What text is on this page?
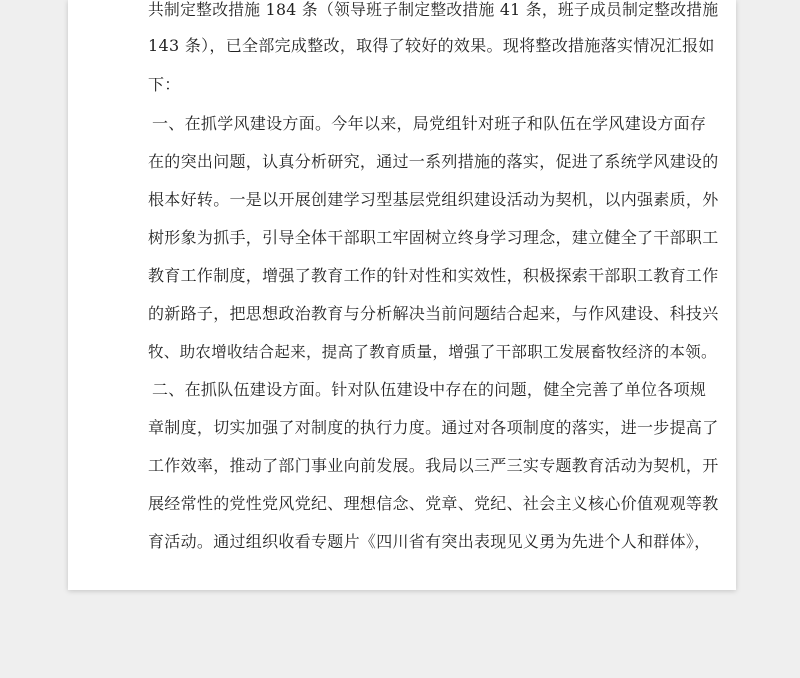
共制定整改措施 184 条（领导班子制定整改措施 41 条，班子成员制定整改措施
143 条），已全部完成整改，取得了较好的效果。现将整改措施落实情况汇报如
下：
一、在抓学风建设方面。今年以来，局党组针对班子和队伍在学风建设方面存
在的突出问题，认真分析研究，通过一系列措施的落实，促进了系统学风建设的
根本好转。一是以开展创建学习型基层党组织建设活动为契机，以内强素质，外
树形象为抓手，引导全体干部职工牢固树立终身学习理念，建立健全了干部职工
教育工作制度，增强了教育工作的针对性和实效性，积极探索干部职工教育工作
的新路子，把思想政治教育与分析解决当前问题结合起来，与作风建设、科技兴
牧、助农增收结合起来，提高了教育质量，增强了干部职工发展畜牧经济的本领。
二、在抓队伍建设方面。针对队伍建设中存在的问题，健全完善了单位各项规
章制度，切实加强了对制度的执行力度。通过对各项制度的落实，进一步提高了
工作效率，推动了部门事业向前发展。我局以三严三实专题教育活动为契机，开
展经常性的党性党风党纪、理想信念、党章、党纪、社会主义核心价值观观等教
育活动。通过组织收看专题片《四川省有突出表现见义勇为先进个人和群体》，
